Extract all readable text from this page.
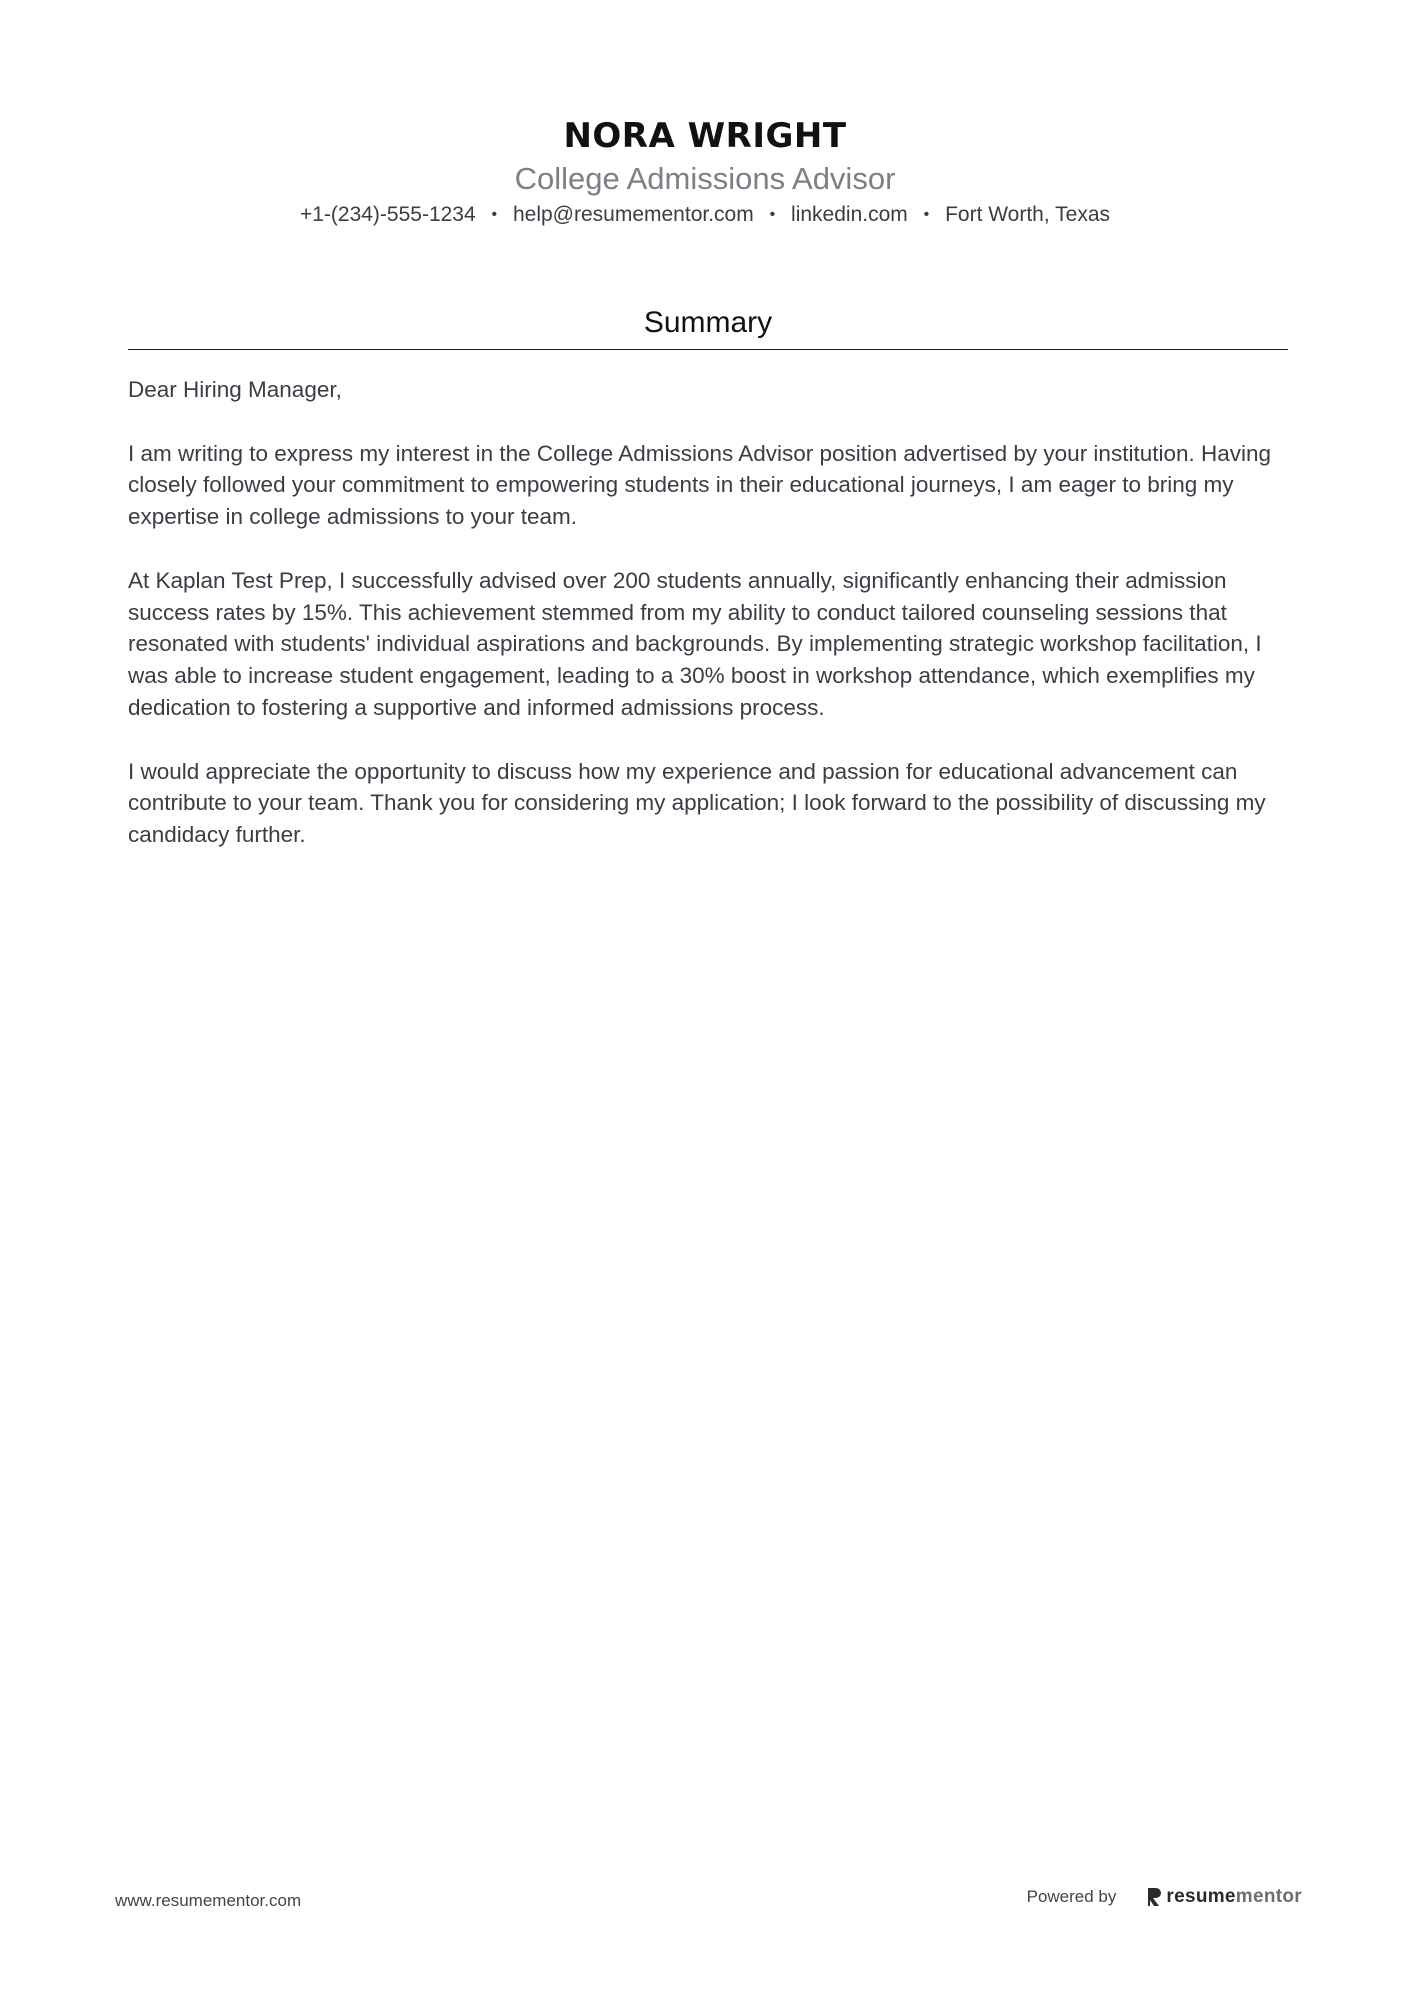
NORA WRIGHT
College Admissions Advisor
+1-(234)-555-1234 • help@resumementor.com • linkedin.com • Fort Worth, Texas
Summary

Dear Hiring Manager,

I am writing to express my interest in the College Admissions Advisor position advertised by your institution. Having closely followed your commitment to empowering students in their educational journeys, I am eager to bring my expertise in college admissions to your team.

At Kaplan Test Prep, I successfully advised over 200 students annually, significantly enhancing their admission success rates by 15%. This achievement stemmed from my ability to conduct tailored counseling sessions that resonated with students' individual aspirations and backgrounds. By implementing strategic workshop facilitation, I was able to increase student engagement, leading to a 30% boost in workshop attendance, which exemplifies my dedication to fostering a supportive and informed admissions process.

I would appreciate the opportunity to discuss how my experience and passion for educational advancement can contribute to your team. Thank you for considering my application; I look forward to the possibility of discussing my candidacy further.

www.resumementor.com	Powered by	resumementor
